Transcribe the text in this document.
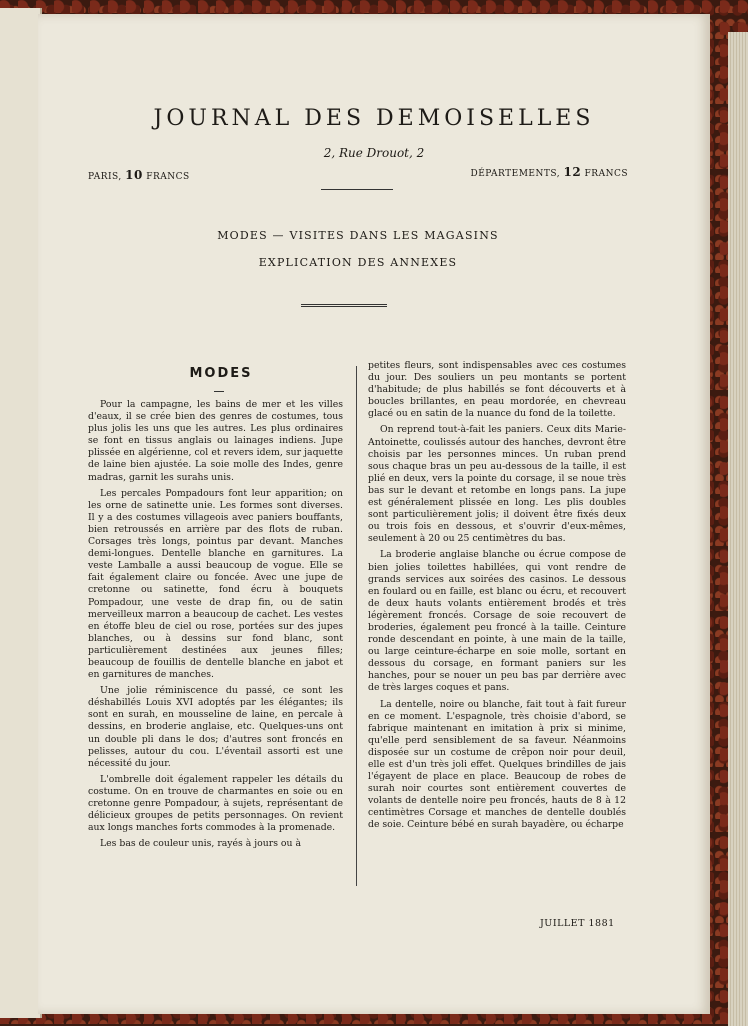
JOURNAL DES DEMOISELLES
2, Rue Drouot, 2
PARIS, 10 FRANCS	DÉPARTEMENTS, 12 FRANCS
MODES — VISITES DANS LES MAGASINS
EXPLICATION DES ANNEXES
MODES

Pour la campagne, les bains de mer et les villes d'eaux, il se crée bien des genres de costumes, tous plus jolis les uns que les autres. Les plus ordinaires se font en tissus anglais ou lainages indiens. Jupe plissée en algérienne, col et revers idem, sur jaquette de laine bien ajustée. La soie molle des Indes, genre madras, garnit les surahs unis.

Les percales Pompadours font leur apparition; on les orne de satinette unie. Les formes sont diverses. Il y a des costumes villageois avec paniers bouffants, bien retroussés en arrière par des flots de ruban. Corsages très longs, pointus par devant. Manches demi-longues. Dentelle blanche en garnitures. La veste Lamballe a aussi beaucoup de vogue. Elle se fait également claire ou foncée. Avec une jupe de cretonne ou satinette, fond écru à bouquets Pompadour, une veste de drap fin, ou de satin merveilleux marron a beaucoup de cachet. Les vestes en étoffe bleu de ciel ou rose, portées sur des jupes blanches, ou à dessins sur fond blanc, sont particulièrement destinées aux jeunes filles; beaucoup de fouillis de dentelle blanche en jabot et en garnitures de manches.

Une jolie réminiscence du passé, ce sont les déshabillés Louis XVI adoptés par les élégantes; ils sont en surah, en mousseline de laine, en percale à dessins, en broderie anglaise, etc. Quelques-uns ont un double pli dans le dos; d'autres sont froncés en pelisses, autour du cou. L'éventail assorti est une nécessité du jour.

L'ombrelle doit également rappeler les détails du costume. On en trouve de charmantes en soie ou en cretonne genre Pompadour, à sujets, représentant de délicieux groupes de petits personnages. On revient aux longs manches forts commodes à la promenade.

Les bas de couleur unis, rayés à jours ou à

petites fleurs, sont indispensables avec ces costumes du jour. Des souliers un peu montants se portent d'habitude; de plus habillés se font découverts et à boucles brillantes, en peau mordorée, en chevreau glacé ou en satin de la nuance du fond de la toilette.

On reprend tout-à-fait les paniers. Ceux dits Marie-Antoinette, coulissés autour des hanches, devront être choisis par les personnes minces. Un ruban prend sous chaque bras un peu au-dessous de la taille, il est plié en deux, vers la pointe du corsage, il se noue très bas sur le devant et retombe en longs pans. La jupe est généralement plissée en long. Les plis doubles sont particulièrement jolis; il doivent être fixés deux ou trois fois en dessous, et s'ouvrir d'eux-mêmes, seulement à 20 ou 25 centimètres du bas.

La broderie anglaise blanche ou écrue compose de bien jolies toilettes habillées, qui vont rendre de grands services aux soirées des casinos. Le dessous en foulard ou en faille, est blanc ou écru, et recouvert de deux hauts volants entièrement brodés et très légèrement froncés. Corsage de soie recouvert de broderies, également peu froncé à la taille. Ceinture ronde descendant en pointe, à une main de la taille, ou large ceinture-écharpe en soie molle, sortant en dessous du corsage, en formant paniers sur les hanches, pour se nouer un peu bas par derrière avec de très larges coques et pans.

La dentelle, noire ou blanche, fait tout à fait fureur en ce moment. L'espagnole, très choisie d'abord, se fabrique maintenant en imitation à prix si minime, qu'elle perd sensiblement de sa faveur. Néanmoins disposée sur un costume de crêpon noir pour deuil, elle est d'un très joli effet. Quelques brindilles de jais l'égayent de place en place. Beaucoup de robes de surah noir courtes sont entièrement couvertes de volants de dentelle noire peu froncés, hauts de 8 à 12 centimètres Corsage et manches de dentelle doublés de soie. Ceinture bébé en surah bayadère, ou écharpe

JUILLET 1881
